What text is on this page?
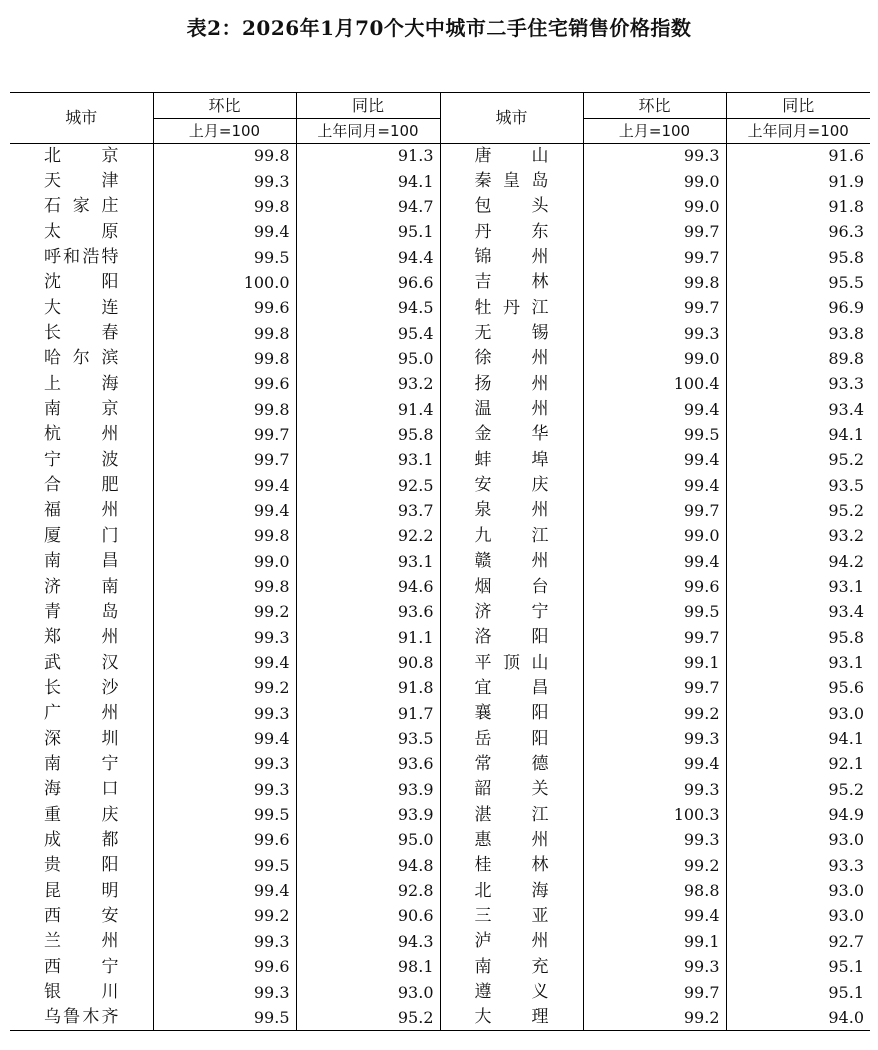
表2：2026年1月70个大中城市二手住宅销售价格指数
城市	环比	同比	城市	环比	同比
	上月=100	上年同月=100		上月=100	上年同月=100
北京	99.8	91.3	唐山	99.3	91.6
天津	99.3	94.1	秦皇岛	99.0	91.9
石家庄	99.8	94.7	包头	99.0	91.8
太原	99.4	95.1	丹东	99.7	96.3
呼和浩特	99.5	94.4	锦州	99.7	95.8
沈阳	100.0	96.6	吉林	99.8	95.5
大连	99.6	94.5	牡丹江	99.7	96.9
长春	99.8	95.4	无锡	99.3	93.8
哈尔滨	99.8	95.0	徐州	99.0	89.8
上海	99.6	93.2	扬州	100.4	93.3
南京	99.8	91.4	温州	99.4	93.4
杭州	99.7	95.8	金华	99.5	94.1
宁波	99.7	93.1	蚌埠	99.4	95.2
合肥	99.4	92.5	安庆	99.4	93.5
福州	99.4	93.7	泉州	99.7	95.2
厦门	99.8	92.2	九江	99.0	93.2
南昌	99.0	93.1	赣州	99.4	94.2
济南	99.8	94.6	烟台	99.6	93.1
青岛	99.2	93.6	济宁	99.5	93.4
郑州	99.3	91.1	洛阳	99.7	95.8
武汉	99.4	90.8	平顶山	99.1	93.1
长沙	99.2	91.8	宜昌	99.7	95.6
广州	99.3	91.7	襄阳	99.2	93.0
深圳	99.4	93.5	岳阳	99.3	94.1
南宁	99.3	93.6	常德	99.4	92.1
海口	99.3	93.9	韶关	99.3	95.2
重庆	99.5	93.9	湛江	100.3	94.9
成都	99.6	95.0	惠州	99.3	93.0
贵阳	99.5	94.8	桂林	99.2	93.3
昆明	99.4	92.8	北海	98.8	93.0
西安	99.2	90.6	三亚	99.4	93.0
兰州	99.3	94.3	泸州	99.1	92.7
西宁	99.6	98.1	南充	99.3	95.1
银川	99.3	93.0	遵义	99.7	95.1
乌鲁木齐	99.5	95.2	大理	99.2	94.0
